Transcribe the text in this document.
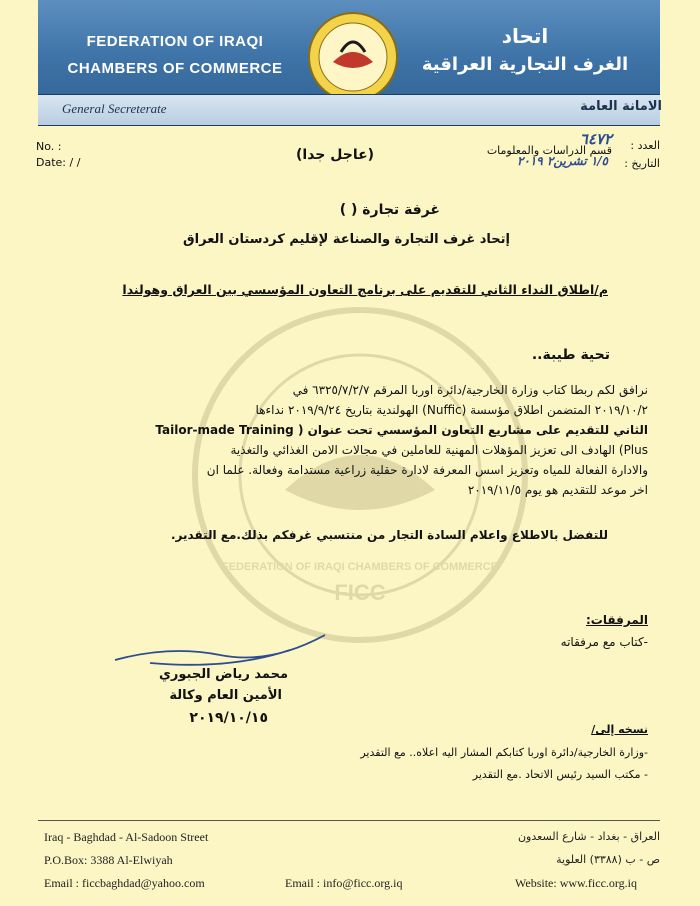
FEDERATION OF IRAQI
CHAMBERS OF COMMERCE
اتحاد
الغرف التجارية العراقية
General Secreterate	الامانة العامة
No. :
Date: / /	(عاجل جدا)
العدد :
٦٤٧٢
قسم الدراسات والمعلومات
التاريخ :
١/٥ تشرين٢ ٢٠١٩
FICC
FEDERATION OF IRAQI CHAMBERS OF COMMERCE
غرفة تجارة ( )
إتحاد غرف التجارة والصناعة لإقليم كردستان العراق
م/اطلاق النداء الثاني للتقديم على برنامج التعاون المؤسسي بين العراق وهولندا
تحية طيبة..
نرافق لكم ربطا كتاب وزارة الخارجية/دائرة اوربا المرقم ٦٣٢٥/٧/٢/٧ في
٢٠١٩/١٠/٢ المتضمن اطلاق مؤسسة (Nuffic) الهولندية بتاريخ ٢٠١٩/٩/٢٤ نداءها
الثاني للتقديم على مشاريع التعاون المؤسسي تحت عنوان ( Tailor-made Training
Plus) الهادف الى تعزيز المؤهلات المهنية للعاملين في مجالات الامن الغذائي والتغذية
والادارة الفعالة للمياه وتعزيز اسس المعرفة لادارة حقلية زراعية مستدامة وفعالة. علما ان
اخر موعد للتقديم هو يوم ٢٠١٩/١١/٥
للتفضل بالاطلاع واعلام السادة التجار من منتسبي غرفكم بذلك.مع التقدير.
المرفقات:
-كتاب مع مرفقاته
محمد رياض الجبوري
الأمين العام وكالة
٢٠١٩/١٠/١٥
نسخه إلى/
-وزارة الخارجية/دائرة اوربا كتابكم المشار اليه اعلاه.. مع التقدير
- مكتب السيد رئيس الاتحاد .مع التقدير
Iraq - Baghdad - Al-Sadoon Street
P.O.Box: 3388 Al-Elwiyah
Email : ficcbaghdad@yahoo.com	Email : info@ficc.org.iq	Website: www.ficc.org.iq
العراق - بغداد - شارع السعدون
ص - ب (٣٣٨٨) العلوية
